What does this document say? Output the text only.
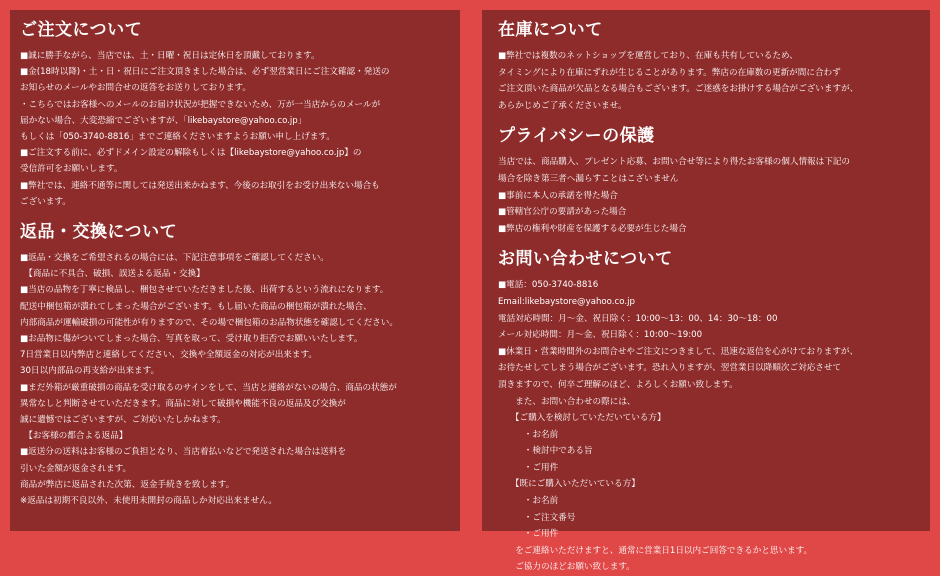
ご注文について
■誠に勝手ながら、当店では、土・日曜・祝日は定休日を頂戴しております。
■金(18時以降)・土・日・祝日にご注文頂きました場合は、必ず翌営業日にご注文確認・発送の
お知らせのメールやお問合せの返答をお送りしております。
・こちらではお客様へのメールのお届け状況が把握できないため、万が一当店からのメールが
届かない場合、大変恐縮でございますが、「likebaystore@yahoo.co.jp」
もしくは「050-3740-8816」までご連絡くださいますようお願い申し上げます。
■ご注文する前に、必ずドメイン設定の解除もしくは【likebaystore@yahoo.co.jp】の
受信許可をお願いします。
■弊社では、連絡不通等に関しては発送出来かねます、今後のお取引をお受け出来ない場合も
ございます。
返品・交換について
■返品・交換をご希望されるの場合には、下記注意事項をご確認してください。
　【商品に不具合、破損、誤送よる返品・交換】
■当店の品物を丁寧に検品し、梱包させていただきました後、出荷するという流れになります。
配送中梱包箱が潰れてしまった場合がございます。もし届いた商品の梱包箱が潰れた場合、
内部商品が運輸破損の可能性が有りますので、その場で梱包箱のお品物状態を確認してください。
■お品物に傷がついてしまった場合、写真を取って、受け取り拒否でお願いいたします。
7日営業日以内弊店と連絡してください、交換や全額返金の対応が出来ます。
30日以内部品の再支給が出来ます。
■まだ外箱が厳重破損の商品を受け取るのサインをして、当店と連絡がないの場合、商品の状態が
異常なしと判断させていただきます。商品に対して破損や機能不良の返品及び交換が
誠に遺憾ではございますが、ご対応いたしかねます。
　【お客様の都合よる返品】
■返送分の送料はお客様のご負担となり、当店着払いなどで発送された場合は送料を
引いた金額が返金されます。
商品が弊店に返品された次第、返金手続きを致します。
※返品は初期不良以外、未使用未開封の商品しか対応出来ません。
在庫について
■弊社では複数のネットショップを運営しており、在庫も共有しているため、
タイミングにより在庫にずれが生じることがあります。弊店の在庫数の更新が間に合わず
ご注文頂いた商品が欠品となる場合もございます。ご迷惑をお掛けする場合がございますが、
あらかじめご了承くださいませ。
プライバシーの保護
当店では、商品購入、プレゼント応募、お問い合せ等により得たお客様の個人情報は下記の
場合を除き第三者へ漏らすことはこざいません
■事前に本人の承諾を得た場合
■管轄官公庁の要請があった場合
■弊店の権利や財産を保護する必要が生じた場合
お問い合わせについて
■電話：050-3740-8816
Email:likebaystore@yahoo.co.jp
電話対応時間：月～金、祝日除く：10:00～13：00、14：30～18：00
メール対応時間：月～金、祝日除く：10:00～19:00
■休業日・営業時間外のお問合せやご注文につきまして、迅速な返信を心がけておりますが、
お待たせしてしまう場合がございます。恐れ入りますが、翌営業日以降順次ご対応させて
頂きますので、何卒ご理解のほど、よろしくお願い致します。
　　また、お問い合わせの際には、
　　【ご購入を検討していただいている方】
　　　・お名前
　　　・検討中である旨
　　　・ご用件
　　【既にご購入いただいている方】
　　　・お名前
　　　・ご注文番号
　　　・ご用件
　　をご連絡いただけますと、通常に営業日1日以内ご回答できるかと思います。
　　ご協力のほどお願い致します。
